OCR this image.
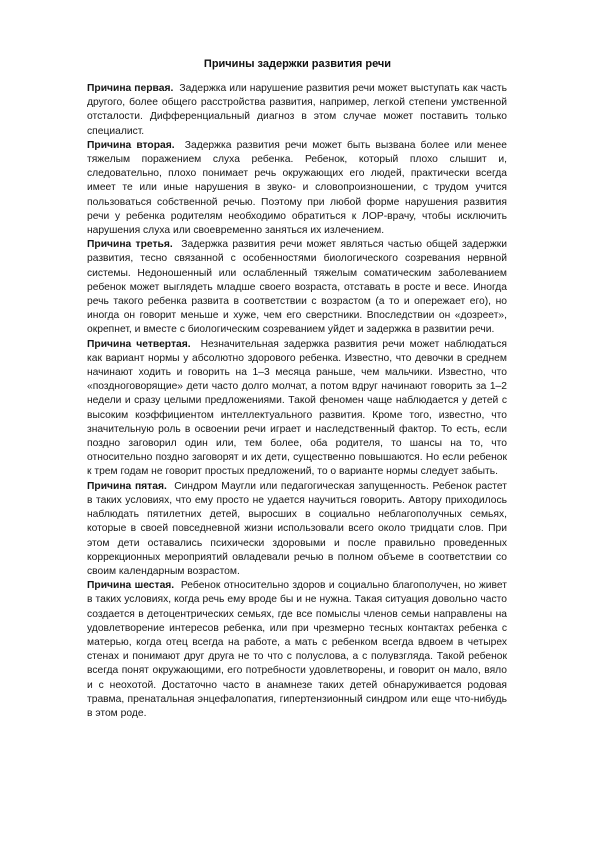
Причины задержки развития речи

Причина первая. Задержка или нарушение развития речи может выступать как часть другого, более общего расстройства развития, например, легкой степени умственной отсталости. Дифференциальный диагноз в этом случае может поставить только специалист.

Причина вторая. Задержка развития речи может быть вызвана более или менее тяжелым поражением слуха ребенка. Ребенок, который плохо слышит и, следовательно, плохо понимает речь окружающих его людей, практически всегда имеет те или иные нарушения в звуко- и словопроизношении, с трудом учится пользоваться собственной речью. Поэтому при любой форме нарушения развития речи у ребенка родителям необходимо обратиться к ЛОР-врачу, чтобы исключить нарушения слуха или своевременно заняться их излечением.

Причина третья. Задержка развития речи может являться частью общей задержки развития, тесно связанной с особенностями биологического созревания нервной системы. Недоношенный или ослабленный тяжелым соматическим заболеванием ребенок может выглядеть младше своего возраста, отставать в росте и весе. Иногда речь такого ребенка развита в соответствии с возрастом (а то и опережает его), но иногда он говорит меньше и хуже, чем его сверстники. Впоследствии он «дозреет», окрепнет, и вместе с биологическим созреванием уйдет и задержка в развитии речи.

Причина четвертая. Незначительная задержка развития речи может наблюдаться как вариант нормы у абсолютно здорового ребенка. Известно, что девочки в среднем начинают ходить и говорить на 1–3 месяца раньше, чем мальчики. Известно, что «поздноговорящие» дети часто долго молчат, а потом вдруг начинают говорить за 1–2 недели и сразу целыми предложениями. Такой феномен чаще наблюдается у детей с высоким коэффициентом интеллектуального развития. Кроме того, известно, что значительную роль в освоении речи играет и наследственный фактор. То есть, если поздно заговорил один или, тем более, оба родителя, то шансы на то, что относительно поздно заговорят и их дети, существенно повышаются. Но если ребенок к трем годам не говорит простых предложений, то о варианте нормы следует забыть.

Причина пятая. Синдром Маугли или педагогическая запущенность. Ребенок растет в таких условиях, что ему просто не удается научиться говорить. Автору приходилось наблюдать пятилетних детей, выросших в социально неблагополучных семьях, которые в своей повседневной жизни использовали всего около тридцати слов. При этом дети оставались психически здоровыми и после правильно проведенных коррекционных мероприятий овладевали речью в полном объеме в соответствии со своим календарным возрастом.

Причина шестая. Ребенок относительно здоров и социально благополучен, но живет в таких условиях, когда речь ему вроде бы и не нужна. Такая ситуация довольно часто создается в детоцентрических семьях, где все помыслы членов семьи направлены на удовлетворение интересов ребенка, или при чрезмерно тесных контактах ребенка с матерью, когда отец всегда на работе, а мать с ребенком всегда вдвоем в четырех стенах и понимают друг друга не то что с полуслова, а с полувзгляда. Такой ребенок всегда понят окружающими, его потребности удовлетворены, и говорит он мало, вяло и с неохотой. Достаточно часто в анамнезе таких детей обнаруживается родовая травма, пренатальная энцефалопатия, гипертензионный синдром или еще что-нибудь в этом роде.
